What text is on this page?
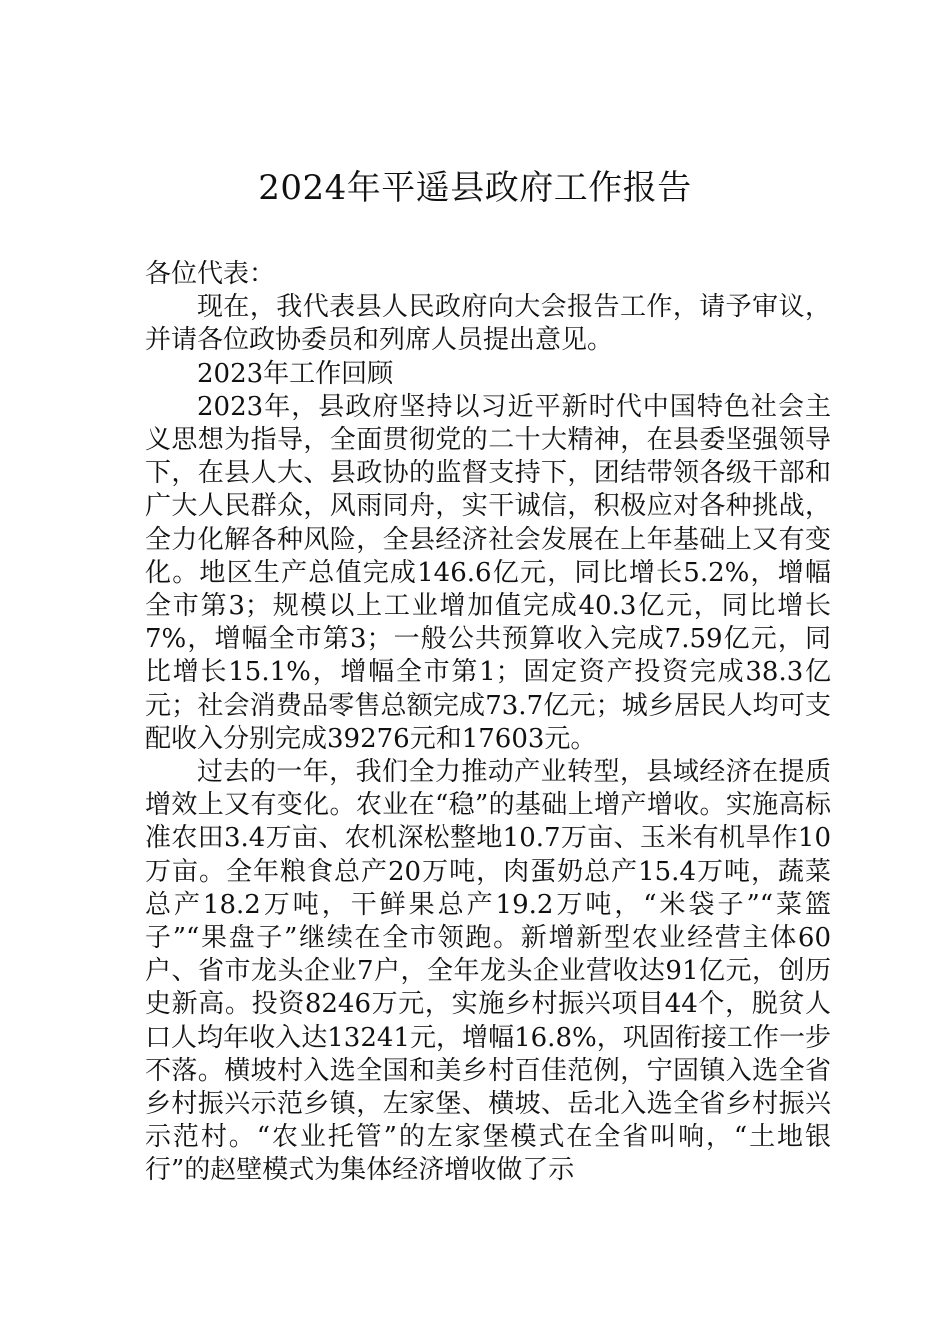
2024年平遥县政府工作报告

各位代表：

现在，我代表县人民政府向大会报告工作，请予审议，并请各位政协委员和列席人员提出意见。

2023年工作回顾

2023年，县政府坚持以习近平新时代中国特色社会主义思想为指导，全面贯彻党的二十大精神，在县委坚强领导下，在县人大、县政协的监督支持下，团结带领各级干部和广大人民群众，风雨同舟，实干诚信，积极应对各种挑战，全力化解各种风险，全县经济社会发展在上年基础上又有变化。地区生产总值完成146.6亿元，同比增长5.2%，增幅全市第3；规模以上工业增加值完成40.3亿元，同比增长7%，增幅全市第3；一般公共预算收入完成7.59亿元，同比增长15.1%，增幅全市第1；固定资产投资完成38.3亿元；社会消费品零售总额完成73.7亿元；城乡居民人均可支配收入分别完成39276元和17603元。

过去的一年，我们全力推动产业转型，县域经济在提质增效上又有变化。农业在“稳”的基础上增产增收。实施高标准农田3.4万亩、农机深松整地10.7万亩、玉米有机旱作10万亩。全年粮食总产20万吨，肉蛋奶总产15.4万吨，蔬菜总产18.2万吨，干鲜果总产19.2万吨，“米袋子”“菜篮子”“果盘子”继续在全市领跑。新增新型农业经营主体60户、省市龙头企业7户，全年龙头企业营收达91亿元，创历史新高。投资8246万元，实施乡村振兴项目44个，脱贫人口人均年收入达13241元，增幅16.8%，巩固衔接工作一步不落。横坡村入选全国和美乡村百佳范例，宁固镇入选全省乡村振兴示范乡镇，左家堡、横坡、岳北入选全省乡村振兴示范村。“农业托管”的左家堡模式在全省叫响，“土地银行”的赵壁模式为集体经济增收做了示
